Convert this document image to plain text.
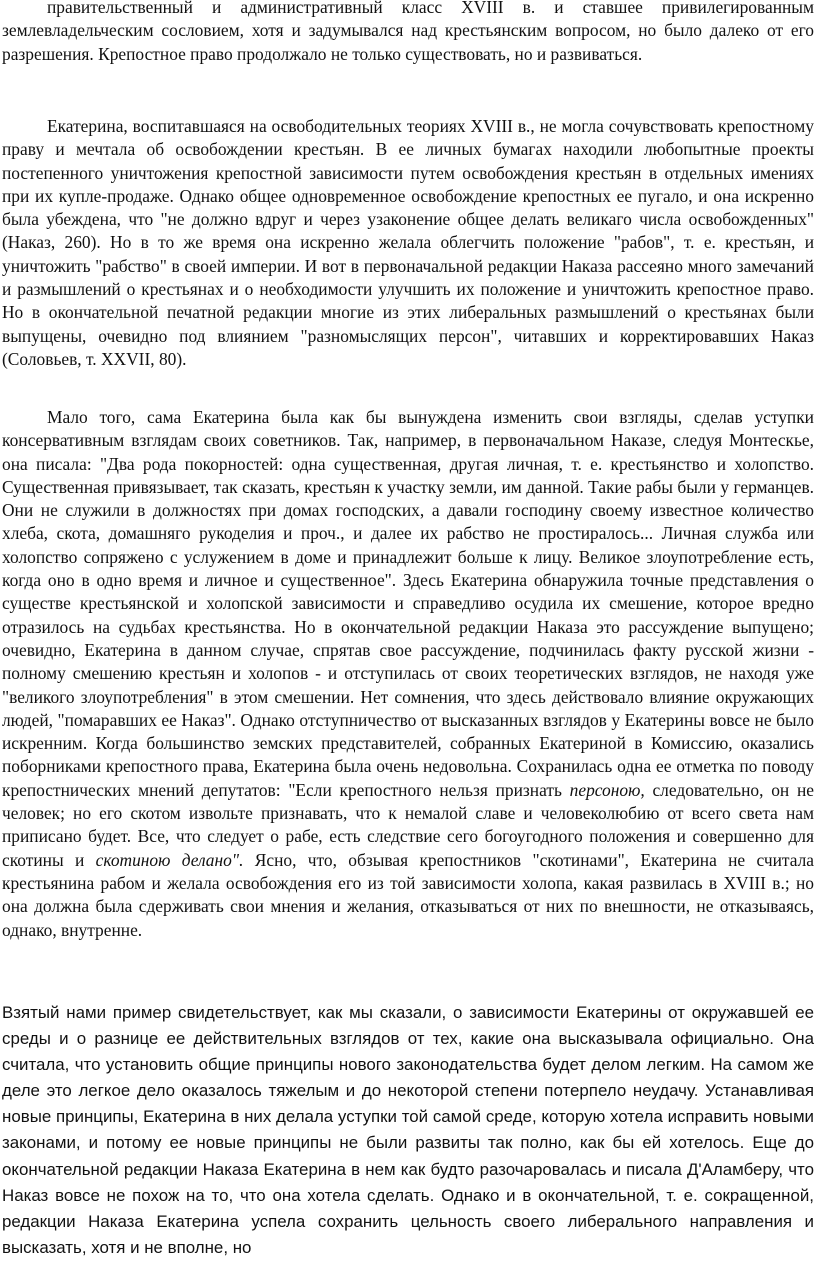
правительственный и административный класс XVIII в. и ставшее привилегированным землевладельческим сословием, хотя и задумывался над крестьянским вопросом, но было далеко от его разрешения. Крепостное право продолжало не только существовать, но и развиваться.

Екатерина, воспитавшаяся на освободительных теориях XVIII в., не могла сочувствовать крепостному праву и мечтала об освобождении крестьян. В ее личных бумагах находили любопытные проекты постепенного уничтожения крепостной зависимости путем освобождения крестьян в отдельных имениях при их купле-продаже. Однако общее одновременное освобождение крепостных ее пугало, и она искренно была убеждена, что "не должно вдруг и через узаконение общее делать великаго числа освобожденных" (Наказ, 260). Но в то же время она искренно желала облегчить положение "рабов", т. е. крестьян, и уничтожить "рабство" в своей империи. И вот в первоначальной редакции Наказа рассеяно много замечаний и размышлений о крестьянах и о необходимости улучшить их положение и уничтожить крепостное право. Но в окончательной печатной редакции многие из этих либеральных размышлений о крестьянах были выпущены, очевидно под влиянием "разномыслящих персон", читавших и корректировавших Наказ (Соловьев, т. XXVII, 80).

Мало того, сама Екатерина была как бы вынуждена изменить свои взгляды, сделав уступки консервативным взглядам своих советников. Так, например, в первоначальном Наказе, следуя Монтескье, она писала: "Два рода покорностей: одна существенная, другая личная, т. е. крестьянство и холопство. Существенная привязывает, так сказать, крестьян к участку земли, им данной. Такие рабы были у германцев. Они не служили в должностях при домах господских, а давали господину своему известное количество хлеба, скота, домашняго рукоделия и проч., и далее их рабство не простиралось... Личная служба или холопство сопряжено с услужением в доме и принадлежит больше к лицу. Великое злоупотребление есть, когда оно в одно время и личное и существенное". Здесь Екатерина обнаружила точные представления о существе крестьянской и холопской зависимости и справедливо осудила их смешение, которое вредно отразилось на судьбах крестьянства. Но в окончательной редакции Наказа это рассуждение выпущено; очевидно, Екатерина в данном случае, спрятав свое рассуждение, подчинилась факту русской жизни - полному смешению крестьян и холопов - и отступилась от своих теоретических взглядов, не находя уже "великого злоупотребления" в этом смешении. Нет сомнения, что здесь действовало влияние окружающих людей, "помаравших ее Наказ". Однако отступничество от высказанных взглядов у Екатерины вовсе не было искренним. Когда большинство земских представителей, собранных Екатериной в Комиссию, оказались поборниками крепостного права, Екатерина была очень недовольна. Сохранилась одна ее отметка по поводу крепостнических мнений депутатов: "Если крепостного нельзя признать персоною, следовательно, он не человек; но его скотом извольте признавать, что к немалой славе и человеколюбию от всего света нам приписано будет. Все, что следует о рабе, есть следствие сего богоугодного положения и совершенно для скотины и скотиною делано". Ясно, что, обзывая крепостников "скотинами", Екатерина не считала крестьянина рабом и желала освобождения его из той зависимости холопа, какая развилась в XVIII в.; но она должна была сдерживать свои мнения и желания, отказываться от них по внешности, не отказываясь, однако, внутренне.

Взятый нами пример свидетельствует, как мы сказали, о зависимости Екатерины от окружавшей ее среды и о разнице ее действительных взглядов от тех, какие она высказывала официально. Она считала, что установить общие принципы нового законодательства будет делом легким. На самом же деле это легкое дело оказалось тяжелым и до некоторой степени потерпело неудачу. Устанавливая новые принципы, Екатерина в них делала уступки той самой среде, которую хотела исправить новыми законами, и потому ее новые принципы не были развиты так полно, как бы ей хотелось. Еще до окончательной редакции Наказа Екатерина в нем как будто разочаровалась и писала Д'Аламберу, что Наказ вовсе не похож на то, что она хотела сделать. Однако и в окончательной, т. е. сокращенной, редакции Наказа Екатерина успела сохранить цельность своего либерального направления и высказать, хотя и не вполне, но
